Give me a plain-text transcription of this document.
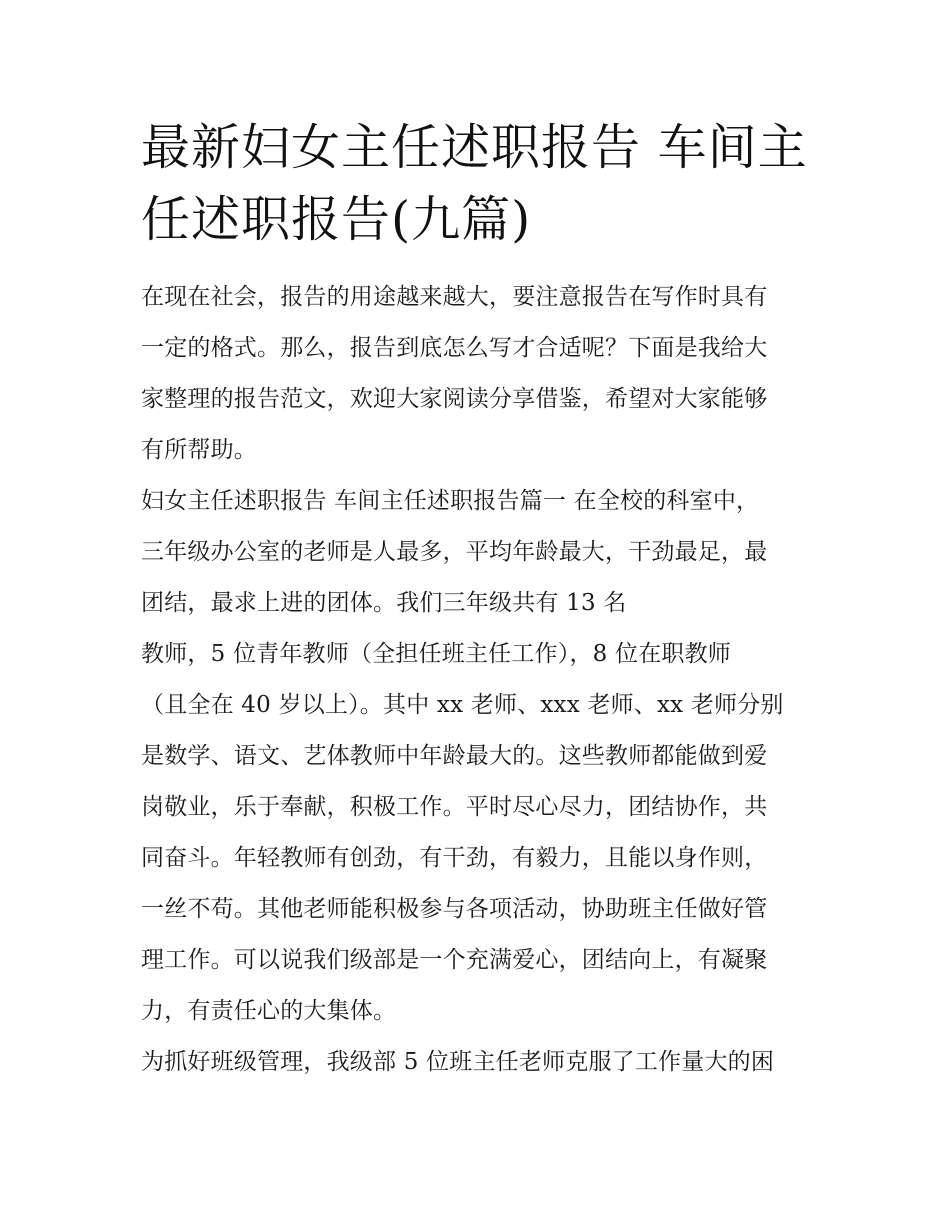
最新妇女主任述职报告 车间主
任述职报告(九篇)
在现在社会，报告的用途越来越大，要注意报告在写作时具有
一定的格式。那么，报告到底怎么写才合适呢？下面是我给大
家整理的报告范文，欢迎大家阅读分享借鉴，希望对大家能够
有所帮助。
妇女主任述职报告 车间主任述职报告篇一 在全校的科室中，
三年级办公室的老师是人最多，平均年龄最大，干劲最足，最
团结，最求上进的团体。我们三年级共有 13 名
教师，5 位青年教师（全担任班主任工作），8 位在职教师
（且全在 40 岁以上）。其中 xx 老师、xxx 老师、xx 老师分别
是数学、语文、艺体教师中年龄最大的。这些教师都能做到爱
岗敬业，乐于奉献，积极工作。平时尽心尽力，团结协作，共
同奋斗。年轻教师有创劲，有干劲，有毅力，且能以身作则，
一丝不苟。其他老师能积极参与各项活动，协助班主任做好管
理工作。可以说我们级部是一个充满爱心，团结向上，有凝聚
力，有责任心的大集体。
为抓好班级管理，我级部 5 位班主任老师克服了工作量大的困
